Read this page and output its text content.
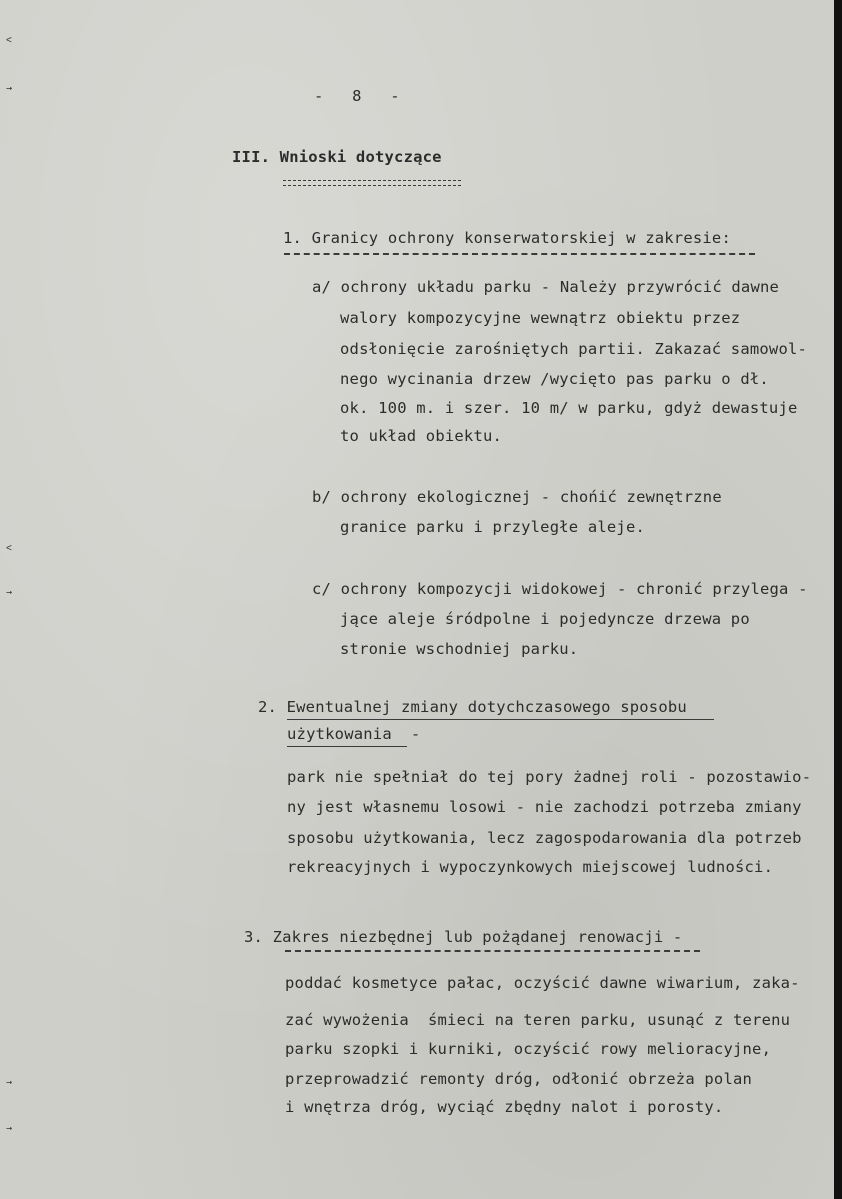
˂
→
˂
→
→
→
-   8   -
III. Wnioski dotyczące
1. Granicy ochrony konserwatorskiej w zakresie:
a/ ochrony układu parku - Należy przywrócić dawne
walory kompozycyjne wewnątrz obiektu przez
odsłonięcie zarośniętych partii. Zakazać samowol-
nego wycinania drzew /wycięto pas parku o dł.
ok. 100 m. i szer. 10 m/ w parku, gdyż dewastuje
to układ obiektu.
b/ ochrony ekologicznej - chońić zewnętrzne
granice parku i przyległe aleje.
c/ ochrony kompozycji widokowej - chronić przylega -
jące aleje śródpolne i pojedyncze drzewa po
stronie wschodniej parku.
2. Ewentualnej zmiany dotychczasowego sposobu
użytkowania  -
park nie spełniał do tej pory żadnej roli - pozostawio-
ny jest własnemu losowi - nie zachodzi potrzeba zmiany
sposobu użytkowania, lecz zagospodarowania dla potrzeb
rekreacyjnych i wypoczynkowych miejscowej ludności.
3. Zakres niezbędnej lub pożądanej renowacji -
poddać kosmetyce pałac, oczyścić dawne wiwarium, zaka-
zać wywożenia  śmieci na teren parku, usunąć z terenu
parku szopki i kurniki, oczyścić rowy melioracyjne,
przeprowadzić remonty dróg, odłonić obrzeża polan
i wnętrza dróg, wyciąć zbędny nalot i porosty.
